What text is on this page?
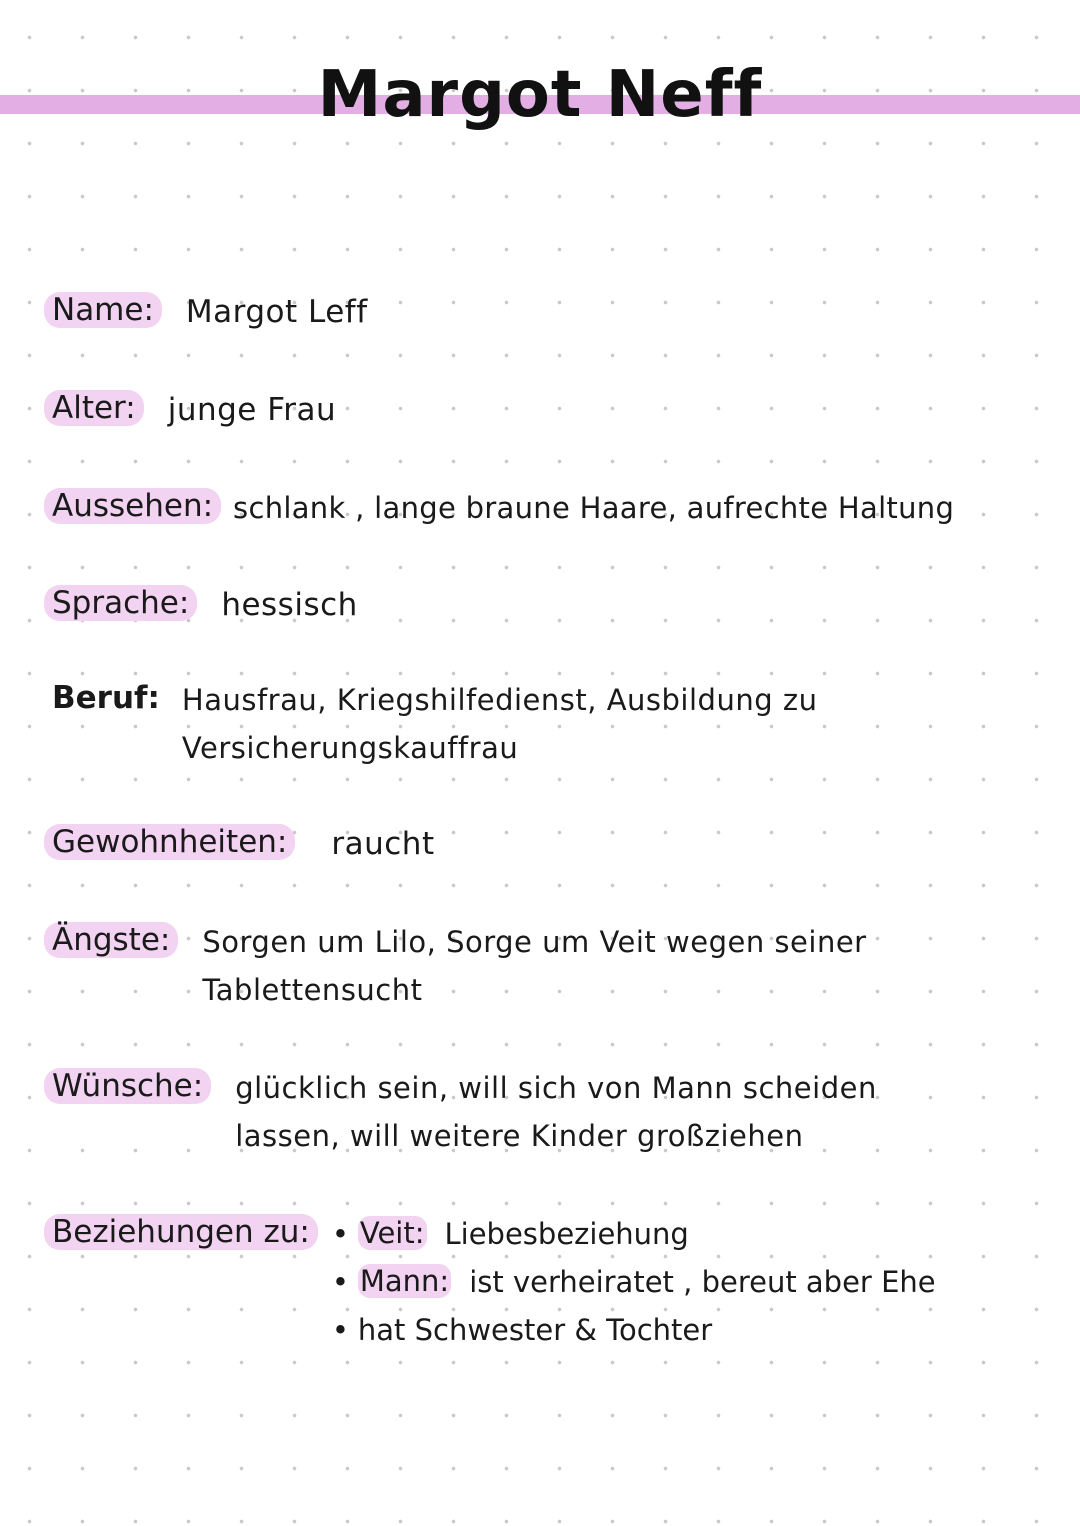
Margot Neff
Name: Margot Leff
Alter: junge Frau
Aussehen: schlank , lange braune Haare, aufrechte Haltung
Sprache: hessisch
Beruf: Hausfrau, Kriegshilfedienst, Ausbildung zu
Versicherungskauffrau
Gewohnheiten: raucht
Ängste: Sorgen um Lilo, Sorge um Veit wegen seiner
Tablettensucht
Wünsche: glücklich sein, will sich von Mann scheiden
lassen, will weitere Kinder großziehen
Beziehungen zu: • Veit: Liebesbeziehung
• Mann: ist verheiratet , bereut aber Ehe
• hat Schwester & Tochter
